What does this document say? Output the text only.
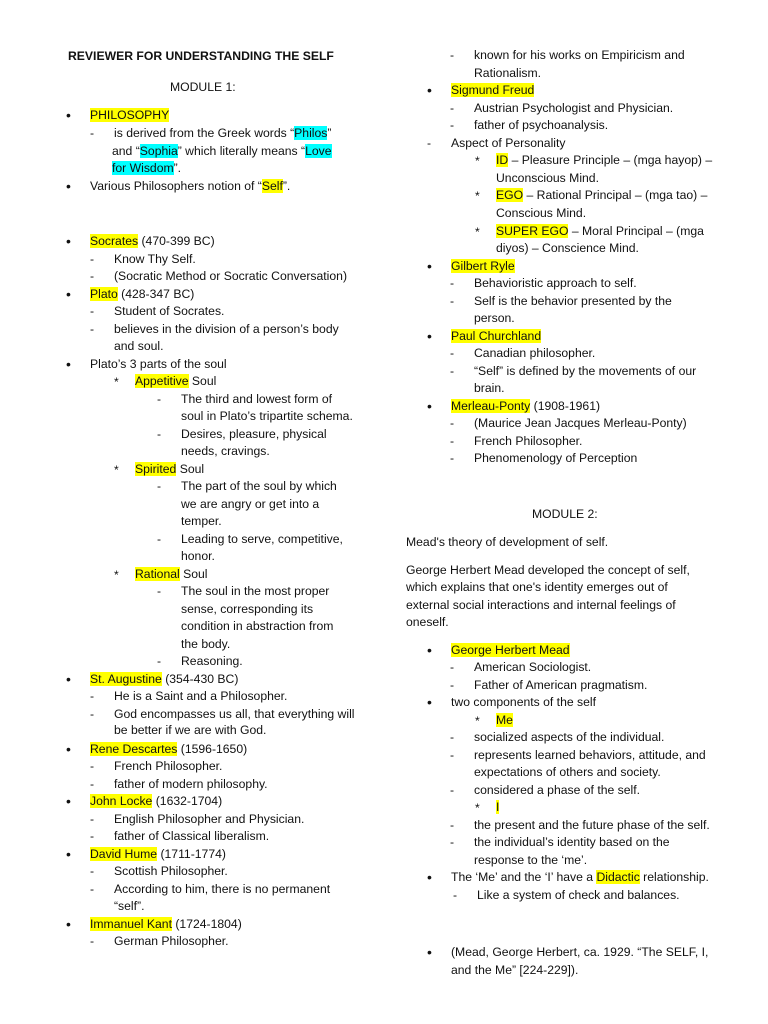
REVIEWER FOR UNDERSTANDING THE SELF
MODULE 1:
• PHILOSOPHY
- is derived from the Greek words “Philos”
and “Sophia” which literally means “Love
for Wisdom”.
• Various Philosophers notion of “Self”.
• Socrates (470-399 BC)
- Know Thy Self.
- (Socratic Method or Socratic Conversation)
• Plato (428-347 BC)
- Student of Socrates.
- believes in the division of a person’s body
and soul.
• Plato’s 3 parts of the soul
* Appetitive Soul
- The third and lowest form of
soul in Plato’s tripartite schema.
- Desires, pleasure, physical
needs, cravings.
* Spirited Soul
- The part of the soul by which
we are angry or get into a
temper.
- Leading to serve, competitive,
honor.
* Rational Soul
- The soul in the most proper
sense, corresponding its
condition in abstraction from
the body.
- Reasoning.
• St. Augustine (354-430 BC)
- He is a Saint and a Philosopher.
- God encompasses us all, that everything will
be better if we are with God.
• Rene Descartes (1596-1650)
- French Philosopher.
- father of modern philosophy.
• John Locke (1632-1704)
- English Philosopher and Physician.
- father of Classical liberalism.
• David Hume (1711-1774)
- Scottish Philosopher.
- According to him, there is no permanent
“self”.
• Immanuel Kant (1724-1804)
- German Philosopher.
- known for his works on Empiricism and
Rationalism.
• Sigmund Freud
- Austrian Psychologist and Physician.
- father of psychoanalysis.
- Aspect of Personality
* ID – Pleasure Principle – (mga hayop) –
Unconscious Mind.
* EGO – Rational Principal – (mga tao) –
Conscious Mind.
* SUPER EGO – Moral Principal – (mga
diyos) – Conscience Mind.
• Gilbert Ryle
- Behavioristic approach to self.
- Self is the behavior presented by the
person.
• Paul Churchland
- Canadian philosopher.
- “Self” is defined by the movements of our
brain.
• Merleau-Ponty (1908-1961)
- (Maurice Jean Jacques Merleau-Ponty)
- French Philosopher.
- Phenomenology of Perception
MODULE 2:
Mead's theory of development of self.
George Herbert Mead developed the concept of self,
which explains that one's identity emerges out of
external social interactions and internal feelings of
oneself.
• George Herbert Mead
- American Sociologist.
- Father of American pragmatism.
• two components of the self
* Me
- socialized aspects of the individual.
- represents learned behaviors, attitude, and
expectations of others and society.
- considered a phase of the self.
* I
- the present and the future phase of the self.
- the individual’s identity based on the
response to the ‘me’.
• The ‘Me’ and the ‘I’ have a Didactic relationship.
- Like a system of check and balances.
• (Mead, George Herbert, ca. 1929. “The SELF, I,
and the Me” [224-229]).
